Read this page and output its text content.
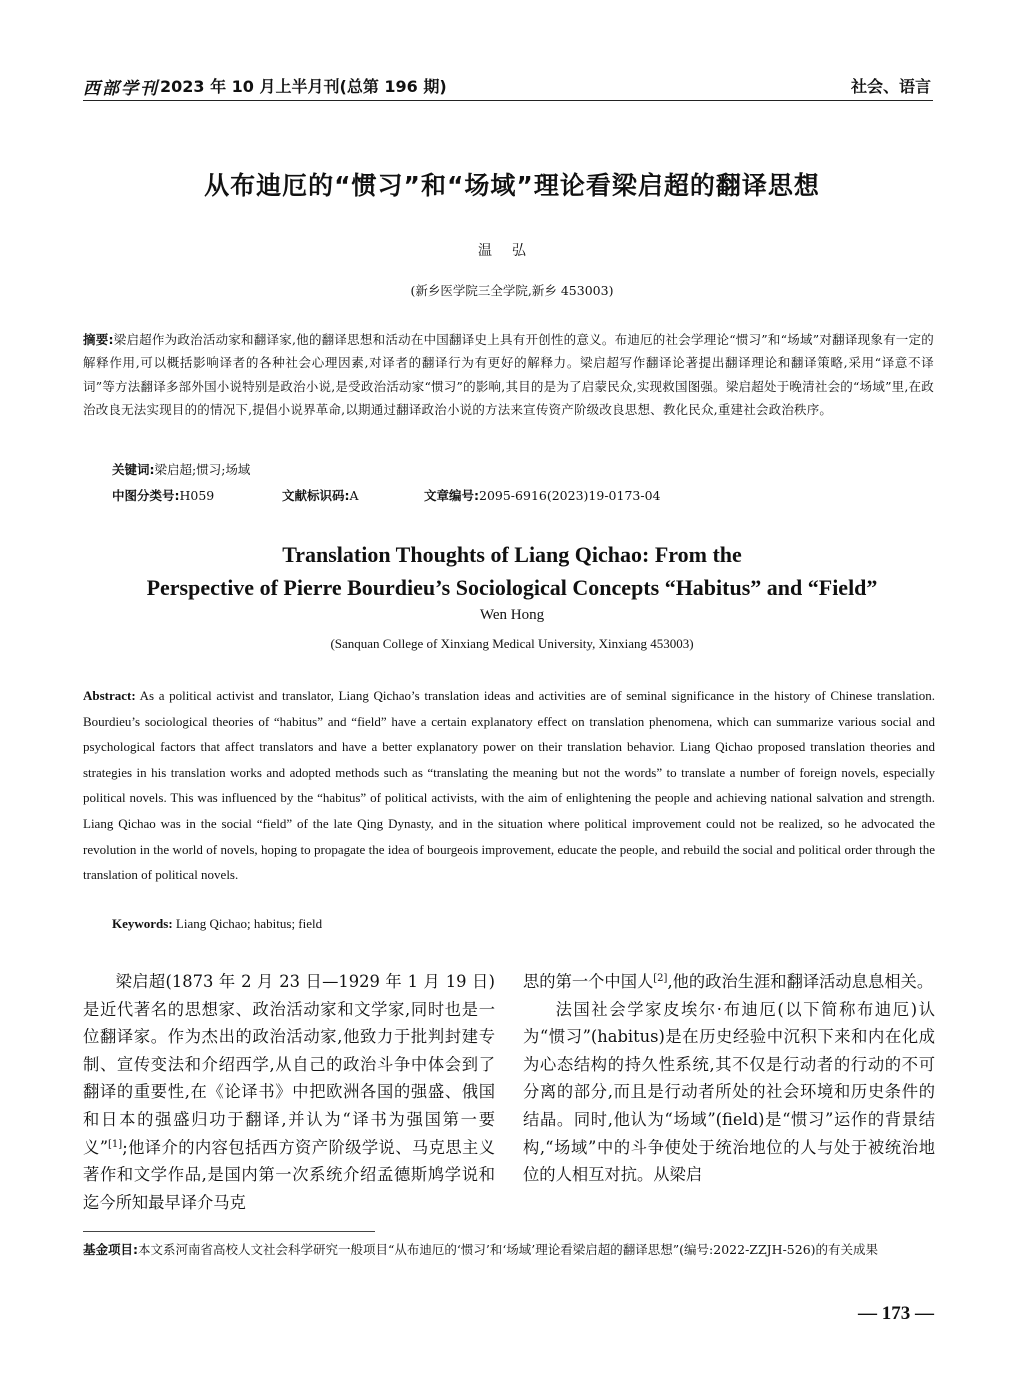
西部学刊 2023 年 10 月上半月刊(总第 196 期)	社会、语言
从布迪厄的“惯习”和“场域”理论看梁启超的翻译思想
温弘
(新乡医学院三全学院,新乡 453003)
摘要:梁启超作为政治活动家和翻译家,他的翻译思想和活动在中国翻译史上具有开创性的意义。布迪厄的社会学理论“惯习”和“场域”对翻译现象有一定的解释作用,可以概括影响译者的各种社会心理因素,对译者的翻译行为有更好的解释力。梁启超写作翻译论著提出翻译理论和翻译策略,采用“译意不译词”等方法翻译多部外国小说特别是政治小说,是受政治活动家“惯习”的影响,其目的是为了启蒙民众,实现救国图强。梁启超处于晚清社会的“场域”里,在政治改良无法实现目的的情况下,提倡小说界革命,以期通过翻译政治小说的方法来宣传资产阶级改良思想、教化民众,重建社会政治秩序。
关键词:梁启超;惯习;场域
中图分类号:H059	文献标识码:A	文章编号:2095-6916(2023)19-0173-04
Translation Thoughts of Liang Qichao: From the
Perspective of Pierre Bourdieu’s Sociological Concepts “Habitus” and “Field”
Wen Hong
(Sanquan College of Xinxiang Medical University, Xinxiang 453003)
Abstract: As a political activist and translator, Liang Qichao’s translation ideas and activities are of seminal significance in the history of Chinese translation. Bourdieu’s sociological theories of “habitus” and “field” have a certain explanatory effect on translation phenomena, which can summarize various social and psychological factors that affect translators and have a better explanatory power on their translation behavior. Liang Qichao proposed translation theories and strategies in his translation works and adopted methods such as “translating the meaning but not the words” to translate a number of foreign novels, especially political novels. This was influenced by the “habitus” of political activists, with the aim of enlightening the people and achieving national salvation and strength. Liang Qichao was in the social “field” of the late Qing Dynasty, and in the situation where political improvement could not be realized, so he advocated the revolution in the world of novels, hoping to propagate the idea of bourgeois improvement, educate the people, and rebuild the social and political order through the translation of political novels.
Keywords: Liang Qichao; habitus; field

梁启超(1873 年 2 月 23 日—1929 年 1 月 19 日)是近代著名的思想家、政治活动家和文学家,同时也是一位翻译家。作为杰出的政治活动家,他致力于批判封建专制、宣传变法和介绍西学,从自己的政治斗争中体会到了翻译的重要性,在《论译书》中把欧洲各国的强盛、俄国和日本的强盛归功于翻译,并认为“译书为强国第一要义”[1];他译介的内容包括西方资产阶级学说、马克思主义著作和文学作品,是国内第一次系统介绍孟德斯鸠学说和迄今所知最早译介马克

思的第一个中国人[2],他的政治生涯和翻译活动息息相关。

法国社会学家皮埃尔·布迪厄(以下简称布迪厄)认为“惯习”(habitus)是在历史经验中沉积下来和内在化成为心态结构的持久性系统,其不仅是行动者的行动的不可分离的部分,而且是行动者所处的社会环境和历史条件的结晶。同时,他认为“场域”(field)是“惯习”运作的背景结构,“场域”中的斗争使处于统治地位的人与处于被统治地位的人相互对抗。从梁启

基金项目:本文系河南省高校人文社会科学研究一般项目“从布迪厄的‘惯习’和‘场域’理论看梁启超的翻译思想”(编号:2022-ZZJH-526)的有关成果
— 173 —
